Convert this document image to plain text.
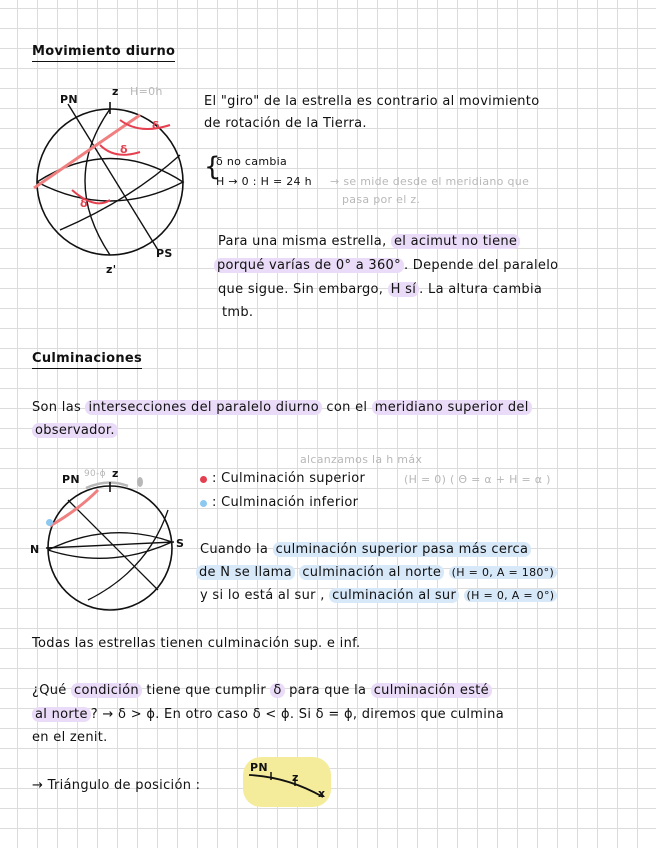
Movimiento diurno
PN
z H=0h
z'
PS
δ
δ
δ
El "giro" de la estrella es contrario al movimiento
de rotación de la Tierra.
{
δ no cambia
H → 0 : H = 24 h → se mide desde el meridiano que
pasa por el z.
Para una misma estrella, el acimut no tiene
porqué varías de 0° a 360° . Depende del paralelo
que sigue. Sin embargo, H sí . La altura cambia
tmb.
Culminaciones
Son las intersecciones del paralelo diurno con el meridiano superior del
observador.
alcanzamos la h máx
PN 90-ϕ z
N	S
: Culminación superior	(H = 0) ( Θ = α + H = α )
: Culminación inferior
Cuando la culminación superior pasa más cerca
de N se llama culminación al norte (H = 0, A = 180°)
y si lo está al sur , culminación al sur (H = 0, A = 0°)
Todas las estrellas tienen culminación sup. e inf.
¿Qué condición tiene que cumplir δ para que la culminación esté
al norte ? → δ > ϕ. En otro caso δ < ϕ. Si δ = ϕ, diremos que culmina
en el zenit.
→ Triángulo de posición :
PN
z
x
